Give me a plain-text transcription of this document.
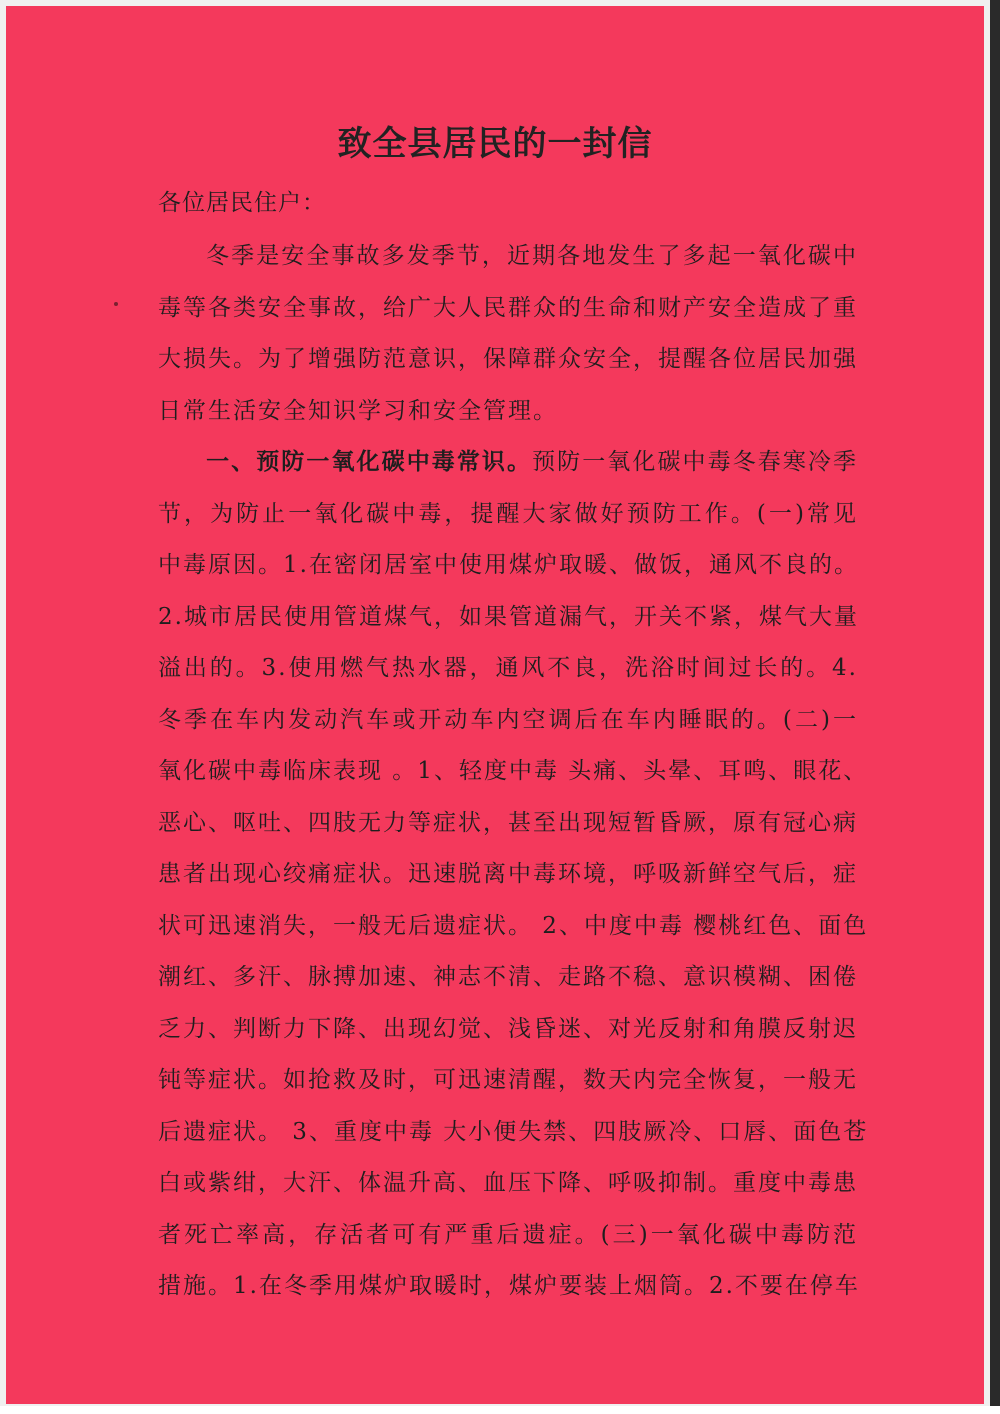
致全县居民的一封信
各位居民住户：
冬季是安全事故多发季节，近期各地发生了多起一氧化碳中
毒等各类安全事故，给广大人民群众的生命和财产安全造成了重
大损失。为了增强防范意识，保障群众安全，提醒各位居民加强
日常生活安全知识学习和安全管理。
一、预防一氧化碳中毒常识。预防一氧化碳中毒冬春寒冷季
节，为防止一氧化碳中毒，提醒大家做好预防工作。(一)常见
中毒原因。1.在密闭居室中使用煤炉取暖、做饭，通风不良的。
2.城市居民使用管道煤气，如果管道漏气，开关不紧，煤气大量
溢出的。3.使用燃气热水器，通风不良，洗浴时间过长的。4.
冬季在车内发动汽车或开动车内空调后在车内睡眠的。(二)一
氧化碳中毒临床表现 。1、轻度中毒 头痛、头晕、耳鸣、眼花、
恶心、呕吐、四肢无力等症状，甚至出现短暂昏厥，原有冠心病
患者出现心绞痛症状。迅速脱离中毒环境，呼吸新鲜空气后，症
状可迅速消失，一般无后遗症状。 2、中度中毒 樱桃红色、面色
潮红、多汗、脉搏加速、神志不清、走路不稳、意识模糊、困倦
乏力、判断力下降、出现幻觉、浅昏迷、对光反射和角膜反射迟
钝等症状。如抢救及时，可迅速清醒，数天内完全恢复，一般无
后遗症状。 3、重度中毒 大小便失禁、四肢厥冷、口唇、面色苍
白或紫绀，大汗、体温升高、血压下降、呼吸抑制。重度中毒患
者死亡率高，存活者可有严重后遗症。(三)一氧化碳中毒防范
措施。1.在冬季用煤炉取暖时，煤炉要装上烟筒。2.不要在停车
